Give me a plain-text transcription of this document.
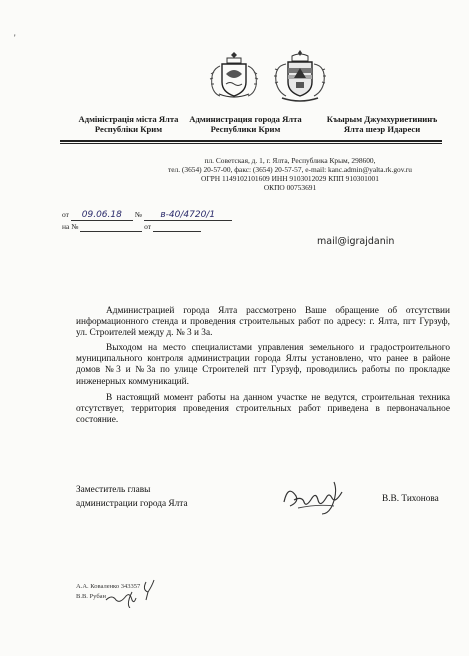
'
Адміністрація міста Ялта
Республіки Крим
Администрация города Ялта
Республики Крим
Къырым Джумхуриетининъ
Ялта шеэр Идареси
пл. Советская, д. 1, г. Ялта, Республика Крым, 298600,
тел. (3654) 20-57-00, факс: (3654) 20-57-57, e-mail: kanc.admin@yalta.rk.gov.ru
ОГРН 1149102101609 ИНН 9103012029 КПП 910301001
ОКПО 00753691
от 09.06.18 № в-40/4720/1
на №	от
mail@igrajdanin

Администрацией города Ялта рассмотрено Ваше обращение об отсутствии информационного стенда и проведения строительных работ по адресу: г. Ялта, пгт Гурзуф, ул. Строителей между д. № 3 и 3а.

Выходом на место специалистами управления земельного и градостроительного муниципального контроля администрации города Ялты установлено, что ранее в районе домов №3 и №3а по улице Строителей пгт Гурзуф, проводились работы по прокладке инженерных коммуникаций.

В настоящий момент работы на данном участке не ведутся, строительная техника отсутствует, территория проведения строительных работ приведена в первоначальное состояние.

Заместитель главы
администрации города Ялта	В.В. Тихонова
А.А. Коваленко 343357
В.В. Рубан
